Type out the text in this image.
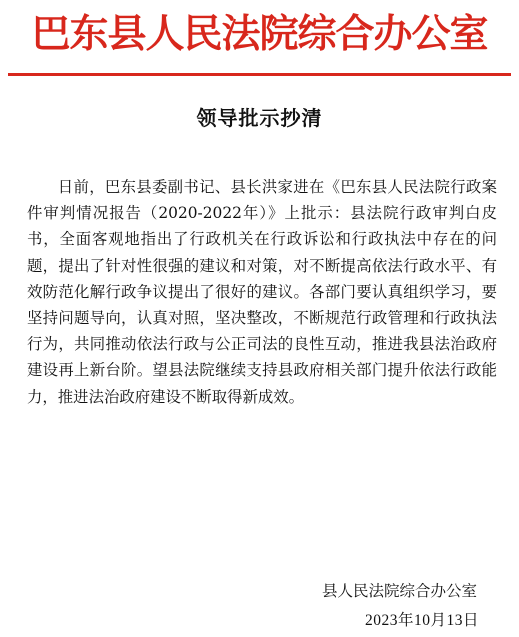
巴东县人民法院综合办公室
领导批示抄清

日前，巴东县委副书记、县长洪家进在《巴东县人民法院行政案件审判情况报告（2020-2022年）》上批示：县法院行政审判白皮书，全面客观地指出了行政机关在行政诉讼和行政执法中存在的问题，提出了针对性很强的建议和对策，对不断提高依法行政水平、有效防范化解行政争议提出了很好的建议。各部门要认真组织学习，要坚持问题导向，认真对照，坚决整改，不断规范行政管理和行政执法行为，共同推动依法行政与公正司法的良性互动，推进我县法治政府建设再上新台阶。望县法院继续支持县政府相关部门提升依法行政能力，推进法治政府建设不断取得新成效。

县人民法院综合办公室
2023年10月13日
